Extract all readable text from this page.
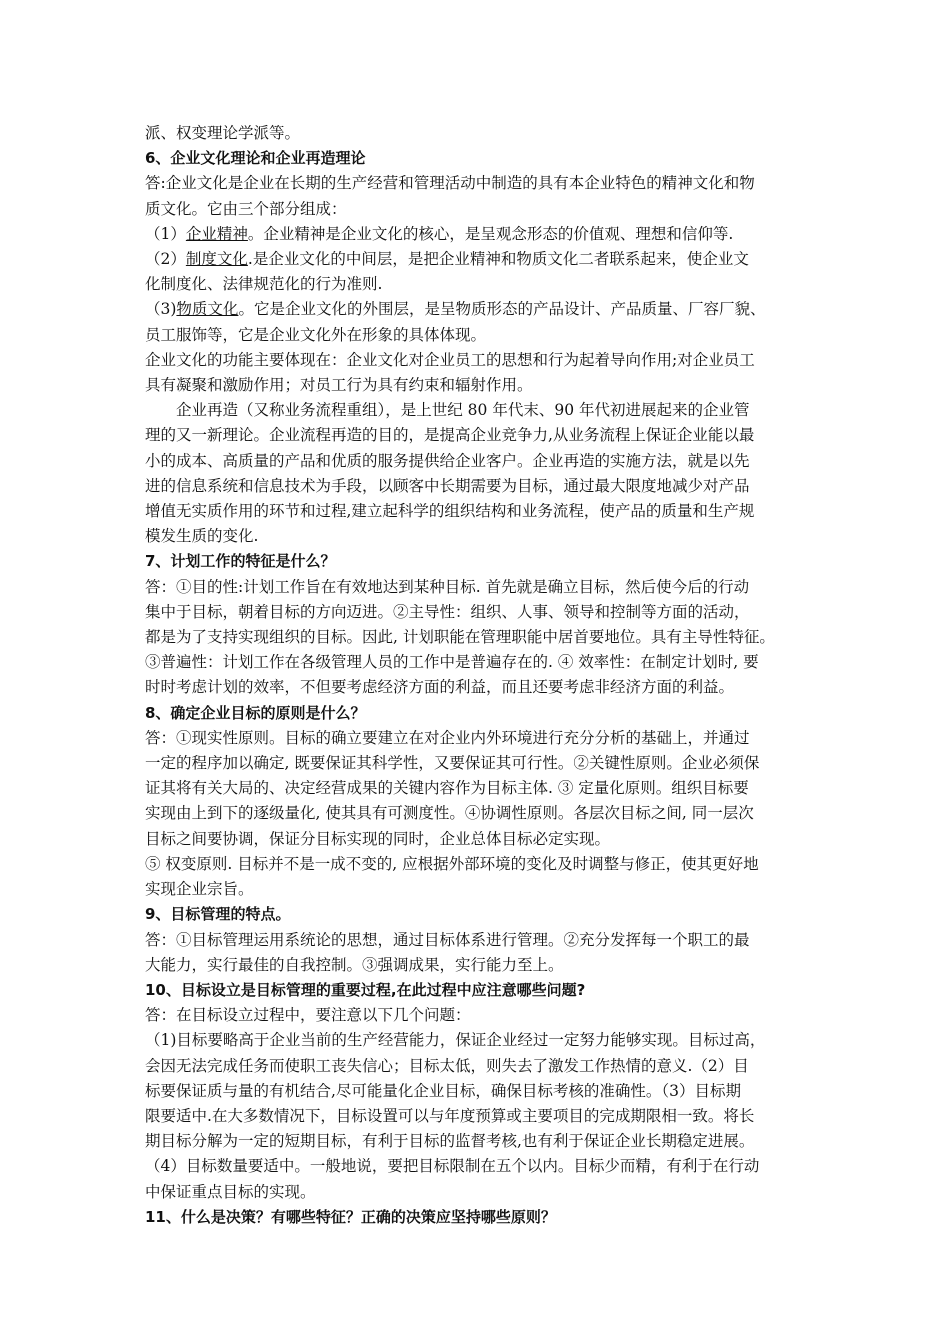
派、权变理论学派等。
6、企业文化理论和企业再造理论
答:企业文化是企业在长期的生产经营和管理活动中制造的具有本企业特色的精神文化和物
质文化。它由三个部分组成：
（1）企业精神。企业精神是企业文化的核心，是呈观念形态的价值观、理想和信仰等.
（2）制度文化.是企业文化的中间层，是把企业精神和物质文化二者联系起来，使企业文
化制度化、法律规范化的行为准则.
（3)物质文化。它是企业文化的外围层，是呈物质形态的产品设计、产品质量、厂容厂貌、
员工服饰等，它是企业文化外在形象的具体体现。
企业文化的功能主要体现在：企业文化对企业员工的思想和行为起着导向作用;对企业员工
具有凝聚和激励作用；对员工行为具有约束和辐射作用。
企业再造（又称业务流程重组），是上世纪 80 年代末、90 年代初进展起来的企业管
理的又一新理论。企业流程再造的目的，是提高企业竞争力,从业务流程上保证企业能以最
小的成本、高质量的产品和优质的服务提供给企业客户。企业再造的实施方法，就是以先
进的信息系统和信息技术为手段，以顾客中长期需要为目标，通过最大限度地减少对产品
增值无实质作用的环节和过程,建立起科学的组织结构和业务流程，使产品的质量和生产规
模发生质的变化.
7、计划工作的特征是什么？
答：①目的性:计划工作旨在有效地达到某种目标. 首先就是确立目标，然后使今后的行动
集中于目标，朝着目标的方向迈进。②主导性：组织、人事、领导和控制等方面的活动，
都是为了支持实现组织的目标。因此, 计划职能在管理职能中居首要地位。具有主导性特征。
③普遍性：计划工作在各级管理人员的工作中是普遍存在的. ④ 效率性：在制定计划时, 要
时时考虑计划的效率，不但要考虑经济方面的利益，而且还要考虑非经济方面的利益。
8、确定企业目标的原则是什么？
答：①现实性原则。目标的确立要建立在对企业内外环境进行充分分析的基础上，并通过
一定的程序加以确定, 既要保证其科学性，又要保证其可行性。②关键性原则。企业必须保
证其将有关大局的、决定经营成果的关键内容作为目标主体. ③ 定量化原则。组织目标要
实现由上到下的逐级量化, 使其具有可测度性。④协调性原则。各层次目标之间, 同一层次
目标之间要协调，保证分目标实现的同时，企业总体目标必定实现。
⑤ 权变原则. 目标并不是一成不变的, 应根据外部环境的变化及时调整与修正，使其更好地
实现企业宗旨。
9、目标管理的特点。
答：①目标管理运用系统论的思想，通过目标体系进行管理。②充分发挥每一个职工的最
大能力，实行最佳的自我控制。③强调成果，实行能力至上。
10、目标设立是目标管理的重要过程,在此过程中应注意哪些问题?
答：在目标设立过程中，要注意以下几个问题：
（1)目标要略高于企业当前的生产经营能力，保证企业经过一定努力能够实现。目标过高，
会因无法完成任务而使职工丧失信心；目标太低，则失去了激发工作热情的意义.（2）目
标要保证质与量的有机结合,尽可能量化企业目标，确保目标考核的准确性。（3）目标期
限要适中.在大多数情况下，目标设置可以与年度预算或主要项目的完成期限相一致。将长
期目标分解为一定的短期目标，有利于目标的监督考核,也有利于保证企业长期稳定进展。
（4）目标数量要适中。一般地说，要把目标限制在五个以内。目标少而精，有利于在行动
中保证重点目标的实现。
11、什么是决策？有哪些特征？正确的决策应坚持哪些原则？
